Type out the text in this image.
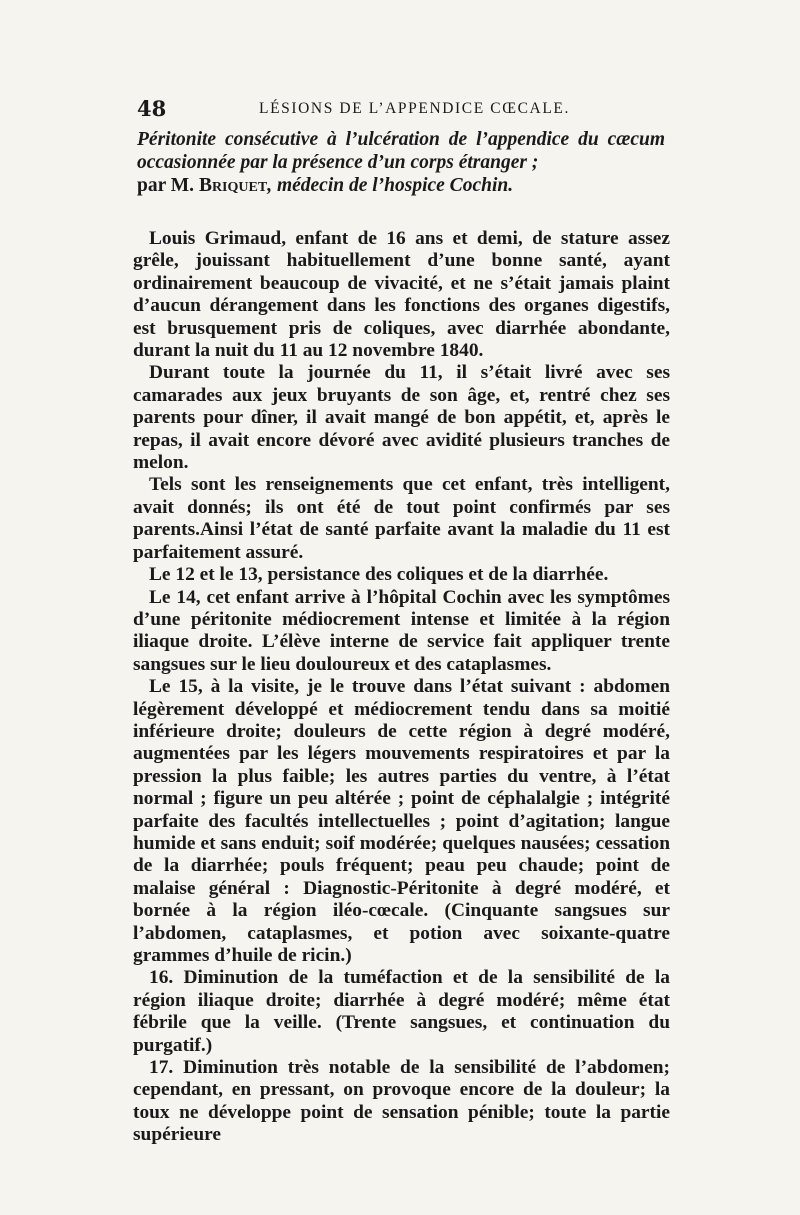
48	LÉSIONS DE L’APPENDICE CŒCALE.
Péritonite consécutive à l’ulcération de l’appendice du cæcum occasionnée par la présence d’un corps étranger ;
par M. Briquet, médecin de l’hospice Cochin.

Louis Grimaud, enfant de 16 ans et demi, de stature assez grêle, jouissant habituellement d’une bonne santé, ayant ordinairement beaucoup de vivacité, et ne s’était jamais plaint d’aucun dérangement dans les fonctions des organes digestifs, est brusquement pris de coliques, avec diarrhée abondante, durant la nuit du 11 au 12 novembre 1840.

Durant toute la journée du 11, il s’était livré avec ses camarades aux jeux bruyants de son âge, et, rentré chez ses parents pour dîner, il avait mangé de bon appétit, et, après le repas, il avait encore dévoré avec avidité plusieurs tranches de melon.

Tels sont les renseignements que cet enfant, très intelligent, avait donnés; ils ont été de tout point confirmés par ses parents.Ainsi l’état de santé parfaite avant la maladie du 11 est parfaitement assuré.

Le 12 et le 13, persistance des coliques et de la diarrhée.

Le 14, cet enfant arrive à l’hôpital Cochin avec les symptômes d’une péritonite médiocrement intense et limitée à la région iliaque droite. L’élève interne de service fait appliquer trente sangsues sur le lieu douloureux et des cataplasmes.

Le 15, à la visite, je le trouve dans l’état suivant : abdomen légèrement développé et médiocrement tendu dans sa moitié inférieure droite; douleurs de cette région à degré modéré, augmentées par les légers mouvements respiratoires et par la pression la plus faible; les autres parties du ventre, à l’état normal ; figure un peu altérée ; point de céphalalgie ; intégrité parfaite des facultés intellectuelles ; point d’agitation; langue humide et sans enduit; soif modérée; quelques nausées; cessation de la diarrhée; pouls fréquent; peau peu chaude; point de malaise général : Diagnostic-Péritonite à degré modéré, et bornée à la région iléo-cœcale. (Cinquante sangsues sur l’abdomen, cataplasmes, et potion avec soixante-quatre grammes d’huile de ricin.)

16. Diminution de la tuméfaction et de la sensibilité de la région iliaque droite; diarrhée à degré modéré; même état fébrile que la veille. (Trente sangsues, et continuation du purgatif.)

17. Diminution très notable de la sensibilité de l’abdomen; cependant, en pressant, on provoque encore de la douleur; la toux ne développe point de sensation pénible; toute la partie supérieure
